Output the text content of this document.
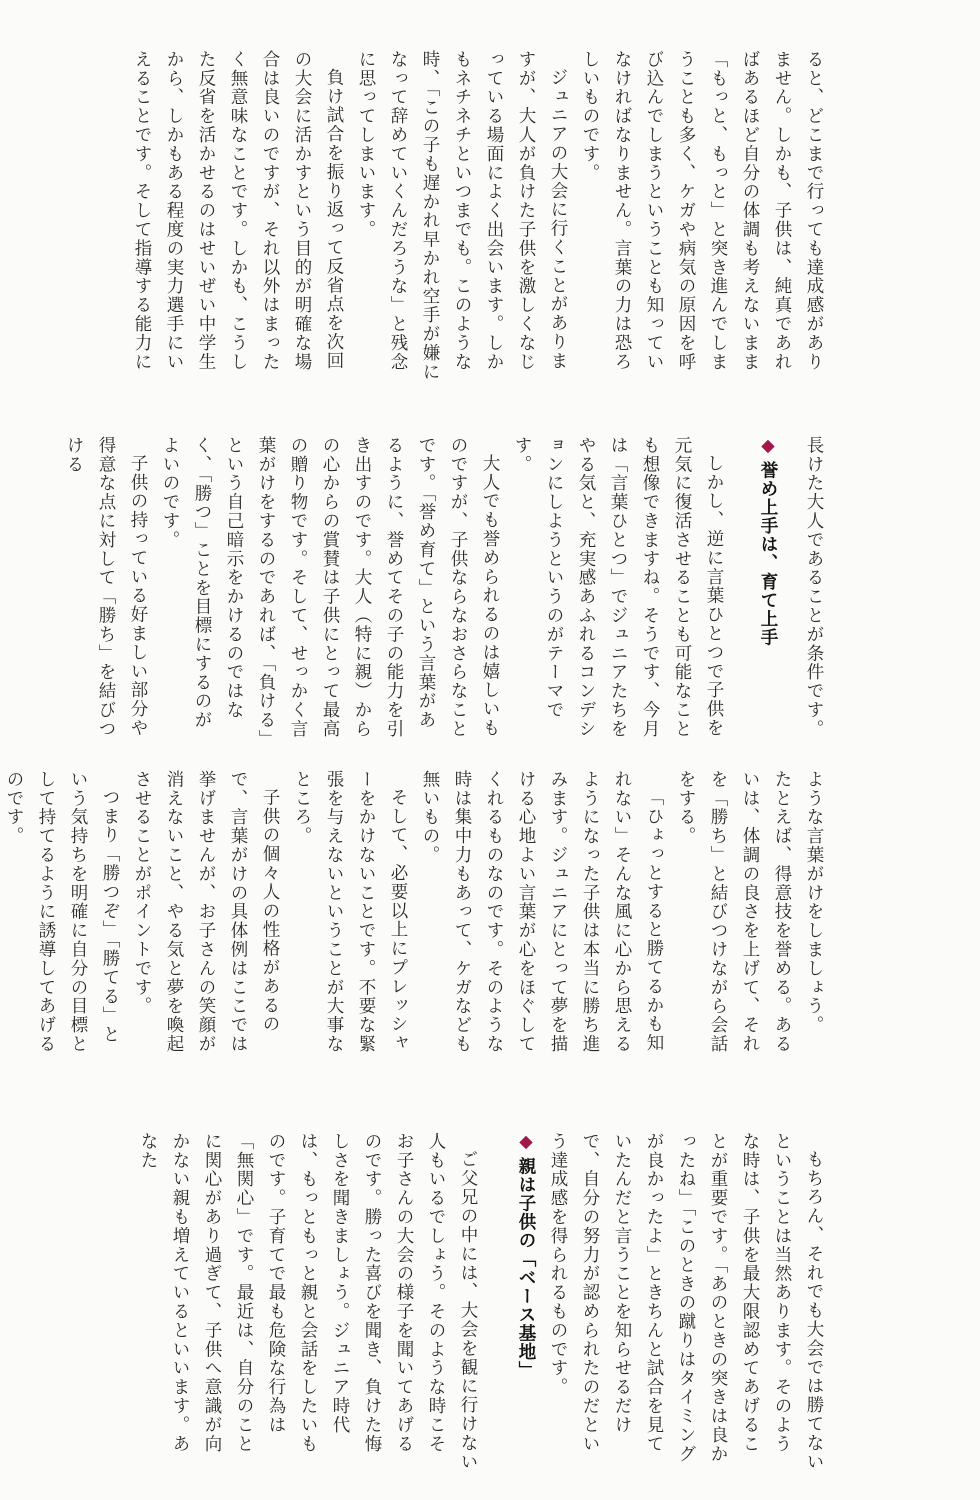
ると、どこまで行っても達成感がありません。しかも、子供は、純真であればあるほど自分の体調も考えないまま「もっと、もっと」と突き進んでしまうことも多く、ケガや病気の原因を呼び込んでしまうということも知っていなければなりません。言葉の力は恐ろしいものです。

ジュニアの大会に行くことがありますが、大人が負けた子供を激しくなじっている場面によく出会います。しかもネチネチといつまでも。このような時、「この子も遅かれ早かれ空手が嫌になって辞めていくんだろうな」と残念に思ってしまいます。

負け試合を振り返って反省点を次回の大会に活かすという目的が明確な場合は良いのですが、それ以外はまったく無意味なことです。しかも、こうした反省を活かせるのはせいぜい中学生から、しかもある程度の実力選手にいえることです。そして指導する能力に

長けた大人であることが条件です。

◆誉め上手は、育て上手

しかし、逆に言葉ひとつで子供を元気に復活させることも可能なことも想像できますね。そうです、今月は「言葉ひとつ」でジュニアたちをやる気と、充実感あふれるコンデションにしようというのがテーマです。

大人でも誉められるのは嬉しいものですが、子供ならなおさらなことです。「誉め育て」という言葉があるように、誉めてその子の能力を引き出すのです。大人（特に親）からの心からの賞賛は子供にとって最高の贈り物です。そして、せっかく言葉がけをするのであれば、「負ける」という自己暗示をかけるのではなく、「勝つ」ことを目標にするのがよいのです。

子供の持っている好ましい部分や得意な点に対して「勝ち」を結びつける

ような言葉がけをしましょう。

たとえば、得意技を誉める。あるいは、体調の良さを上げて、それを「勝ち」と結びつけながら会話をする。

「ひょっとすると勝てるかも知れない」そんな風に心から思えるようになった子供は本当に勝ち進みます。ジュニアにとって夢を描ける心地よい言葉が心をほぐしてくれるものなのです。そのような時は集中力もあって、ケガなども無いもの。

そして、必要以上にプレッシャーをかけないことです。不要な緊張を与えないということが大事なところ。

子供の個々人の性格があるので、言葉がけの具体例はここでは挙げませんが、お子さんの笑顔が消えないこと、やる気と夢を喚起させることがポイントです。

つまり「勝つぞ」「勝てる」という気持ちを明確に自分の目標として持てるように誘導してあげるのです。

もちろん、それでも大会では勝てないということは当然あります。そのような時は、子供を最大限認めてあげることが重要です。「あのときの突きは良かったね」「このときの蹴りはタイミングが良かったよ」ときちんと試合を見ていたんだと言うことを知らせるだけで、自分の努力が認められたのだという達成感を得られるものです。

◆親は子供の「ベース基地」

ご父兄の中には、大会を観に行けない人もいるでしょう。そのような時こそお子さんの大会の様子を聞いてあげるのです。勝った喜びを聞き、負けた悔しさを聞きましょう。ジュニア時代は、もっともっと親と会話をしたいものです。子育てで最も危険な行為は「無関心」です。最近は、自分のことに関心があり過ぎて、子供へ意識が向かない親も増えているといいます。あなた
